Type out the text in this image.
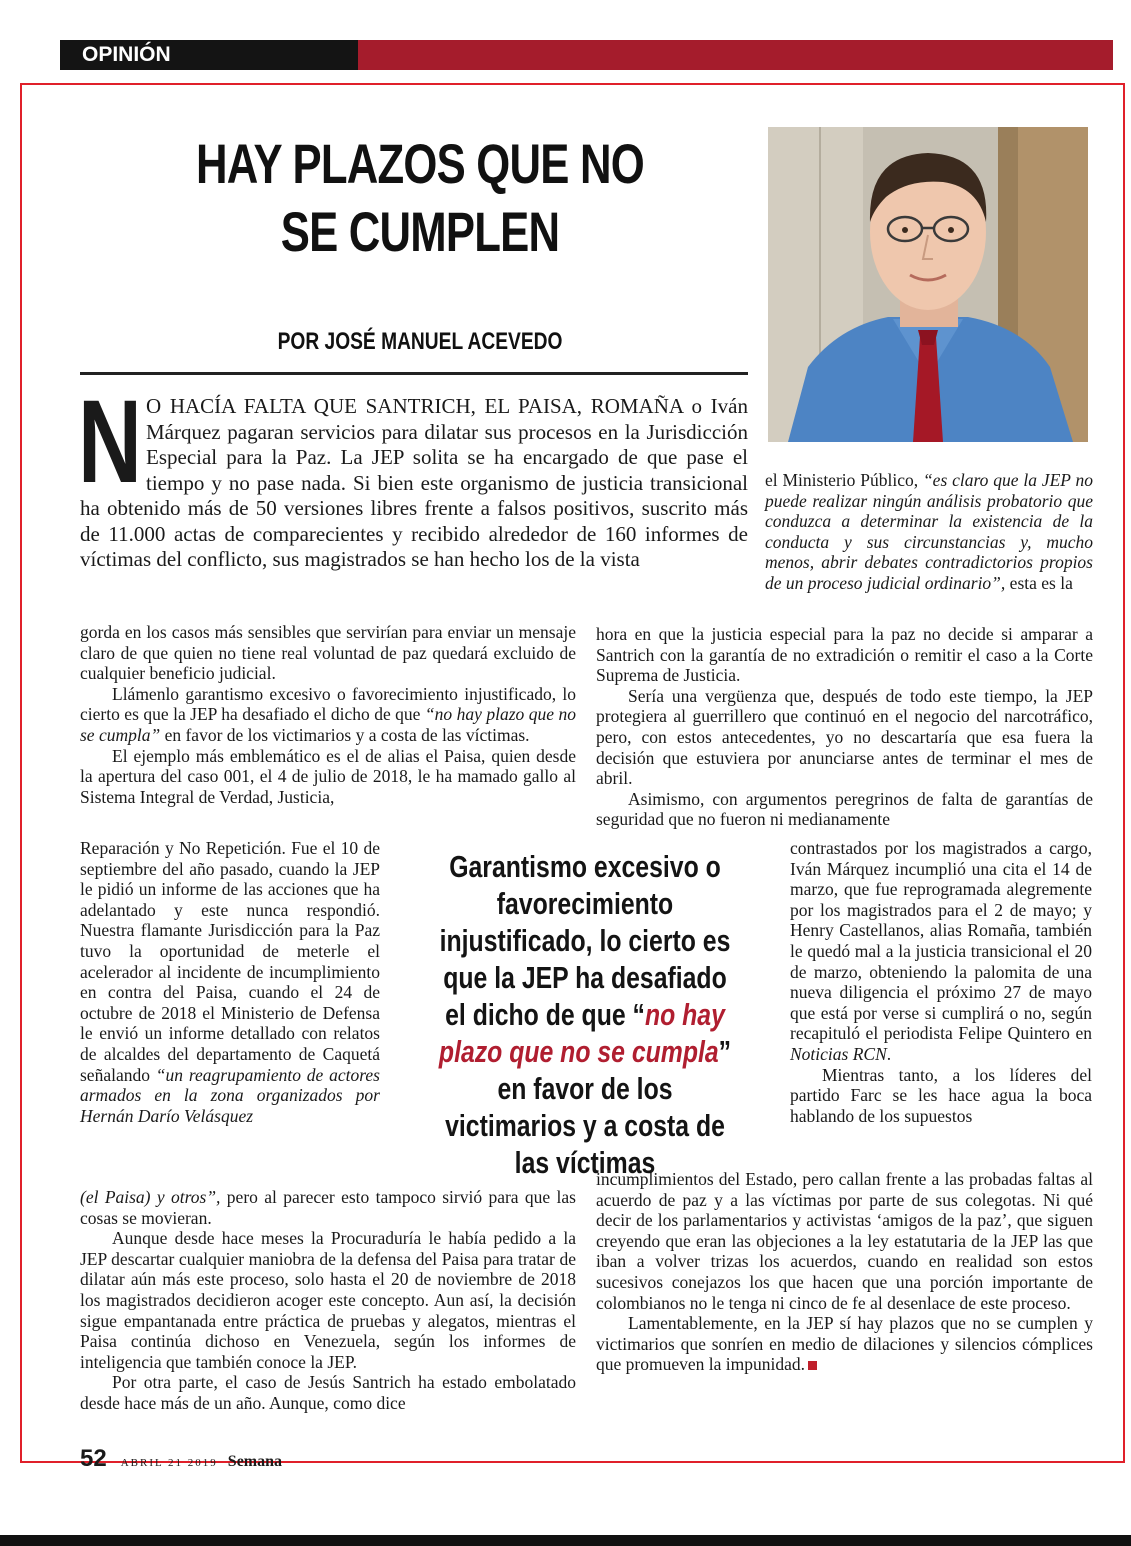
OPINIÓN
HAY PLAZOS QUE NO
SE CUMPLEN
POR JOSÉ MANUEL ACEVEDO
N O HACÍA FALTA QUE SANTRICH, EL PAISA, ROMAÑA o Iván Márquez pagaran servicios para dilatar sus procesos en la Jurisdicción Especial para la Paz. La JEP solita se ha encargado de que pase el tiempo y no pase nada. Si bien este organismo de justicia transicional ha obtenido más de 50 versiones libres frente a falsos positivos, suscrito más de 11.000 actas de comparecientes y recibido alrededor de 160 informes de víctimas del conflicto, sus magistrados se han hecho los de la vista

gorda en los casos más sensibles que servirían para enviar un mensaje claro de que quien no tiene real voluntad de paz quedará excluido de cualquier beneficio judicial.

Llámenlo garantismo excesivo o favorecimiento injustificado, lo cierto es que la JEP ha desafiado el dicho de que “no hay plazo que no se cumpla” en favor de los victimarios y a costa de las víctimas.

El ejemplo más emblemático es el de alias el Paisa, quien desde la apertura del caso 001, el 4 de julio de 2018, le ha mamado gallo al Sistema Integral de Verdad, Justicia,

Reparación y No Repetición. Fue el 10 de septiembre del año pasado, cuando la JEP le pidió un informe de las acciones que ha adelantado y este nunca respondió. Nuestra flamante Jurisdicción para la Paz tuvo la oportunidad de meterle el acelerador al incidente de incumplimiento en contra del Paisa, cuando el 24 de octubre de 2018 el Ministerio de Defensa le envió un informe detallado con relatos de alcaldes del departamento de Caquetá señalando “un reagrupamiento de actores armados en la zona organizados por Hernán Darío Velásquez

(el Paisa) y otros”, pero al parecer esto tampoco sirvió para que las cosas se movieran.

Aunque desde hace meses la Procuraduría le había pedido a la JEP descartar cualquier maniobra de la defensa del Paisa para tratar de dilatar aún más este proceso, solo hasta el 20 de noviembre de 2018 los magistrados decidieron acoger este concepto. Aun así, la decisión sigue empantanada entre práctica de pruebas y alegatos, mientras el Paisa continúa dichoso en Venezuela, según los informes de inteligencia que también conoce la JEP.

Por otra parte, el caso de Jesús Santrich ha estado embolatado desde hace más de un año. Aunque, como dice

el Ministerio Público, “es claro que la JEP no puede realizar ningún análisis probatorio que conduzca a determinar la existencia de la conducta y sus circunstancias y, mucho menos, abrir debates contradictorios propios de un proceso judicial ordinario”, esta es la

hora en que la justicia especial para la paz no decide si amparar a Santrich con la garantía de no extradición o remitir el caso a la Corte Suprema de Justicia.

Sería una vergüenza que, después de todo este tiempo, la JEP protegiera al guerrillero que continuó en el negocio del narcotráfico, pero, con estos antecedentes, yo no descartaría que esa fuera la decisión que estuviera por anunciarse antes de terminar el mes de abril.

Asimismo, con argumentos peregrinos de falta de garantías de seguridad que no fueron ni medianamente

contrastados por los magistrados a cargo, Iván Márquez incumplió una cita el 14 de marzo, que fue reprogramada alegremente por los magistrados para el 2 de mayo; y Henry Castellanos, alias Romaña, también le quedó mal a la justicia transicional el 20 de marzo, obteniendo la palomita de una nueva diligencia el próximo 27 de mayo que está por verse si cumplirá o no, según recapituló el periodista Felipe Quintero en Noticias RCN.

Mientras tanto, a los líderes del partido Farc se les hace agua la boca hablando de los supuestos

incumplimientos del Estado, pero callan frente a las probadas faltas al acuerdo de paz y a las víctimas por parte de sus colegotas. Ni qué decir de los parlamentarios y activistas ‘amigos de la paz’, que siguen creyendo que eran las objeciones a la ley estatutaria de la JEP las que iban a volver trizas los acuerdos, cuando en realidad son estos sucesivos conejazos los que hacen que una porción importante de colombianos no le tenga ni cinco de fe al desenlace de este proceso.

Lamentablemente, en la JEP sí hay plazos que no se cumplen y victimarios que sonríen en medio de dilaciones y silencios cómplices que promueven la impunidad.

Garantismo excesivo o favorecimiento injustificado, lo cierto es que la JEP ha desafiado el dicho de que “no hay plazo que no se cumpla” en favor de los victimarios y a costa de las víctimas
52 ABRIL 21 2019 Semana
